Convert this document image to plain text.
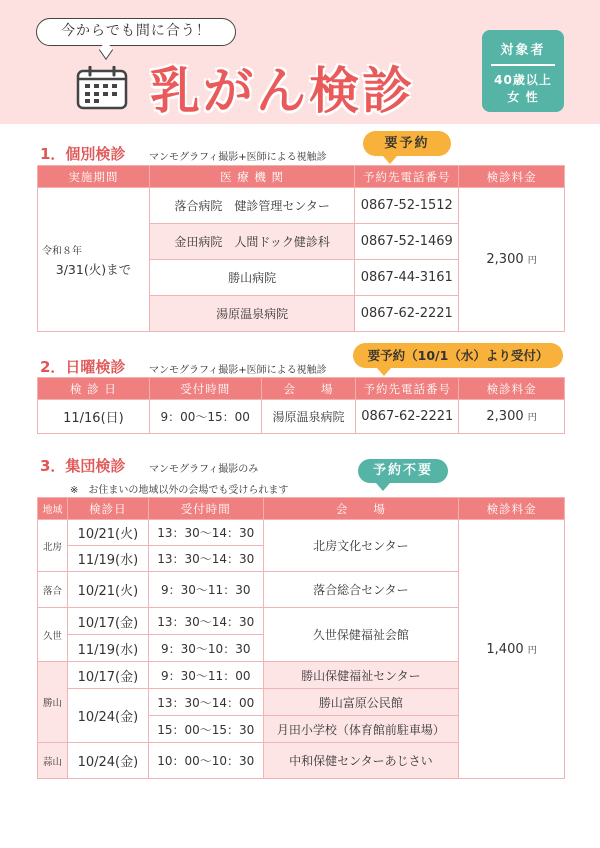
今からでも間に合う！
乳がん検診
対象者
40歳以上
女 性
1．個別検診 マンモグラフィ撮影+医師による視触診
要予約
実施期間	医 療 機 関	予約先電話番号	検診料金

令和８年
3/31(火)まで	落合病院　健診管理センター	0867-52-1512	2,300 円
	金田病院　人間ドック健診科	0867-52-1469	
	勝山病院	0867-44-3161	
	湯原温泉病院	0867-62-2221	
2．日曜検診 マンモグラフィ撮影+医師による視触診
要予約（10/1（水）より受付）
検 診 日	受付時間	会　　場	予約先電話番号	検診料金
11/16(日)	9：00～15：00	湯原温泉病院	0867-62-2221	2,300 円
3．集団検診 マンモグラフィ撮影のみ	予約不要
※　お住まいの地域以外の会場でも受けられます
地域	検診日	受付時間	会　　場	検診料金
北房	10/21(火)	13：30～14：30	北房文化センター	1,400 円
	11/19(水)	13：30～14：30		
落合	10/21(火)	9：30～11：30	落合総合センター	
久世	10/17(金)	13：30～14：30	久世保健福祉会館	
	11/19(水)	9：30～10：30		
勝山	10/17(金)	9：30～11：00	勝山保健福祉センター	
	10/24(金)	13：30～14：00	勝山富原公民館	
		15：00～15：30	月田小学校（体育館前駐車場）	
蒜山	10/24(金)	10：00～10：30	中和保健センターあじさい	
